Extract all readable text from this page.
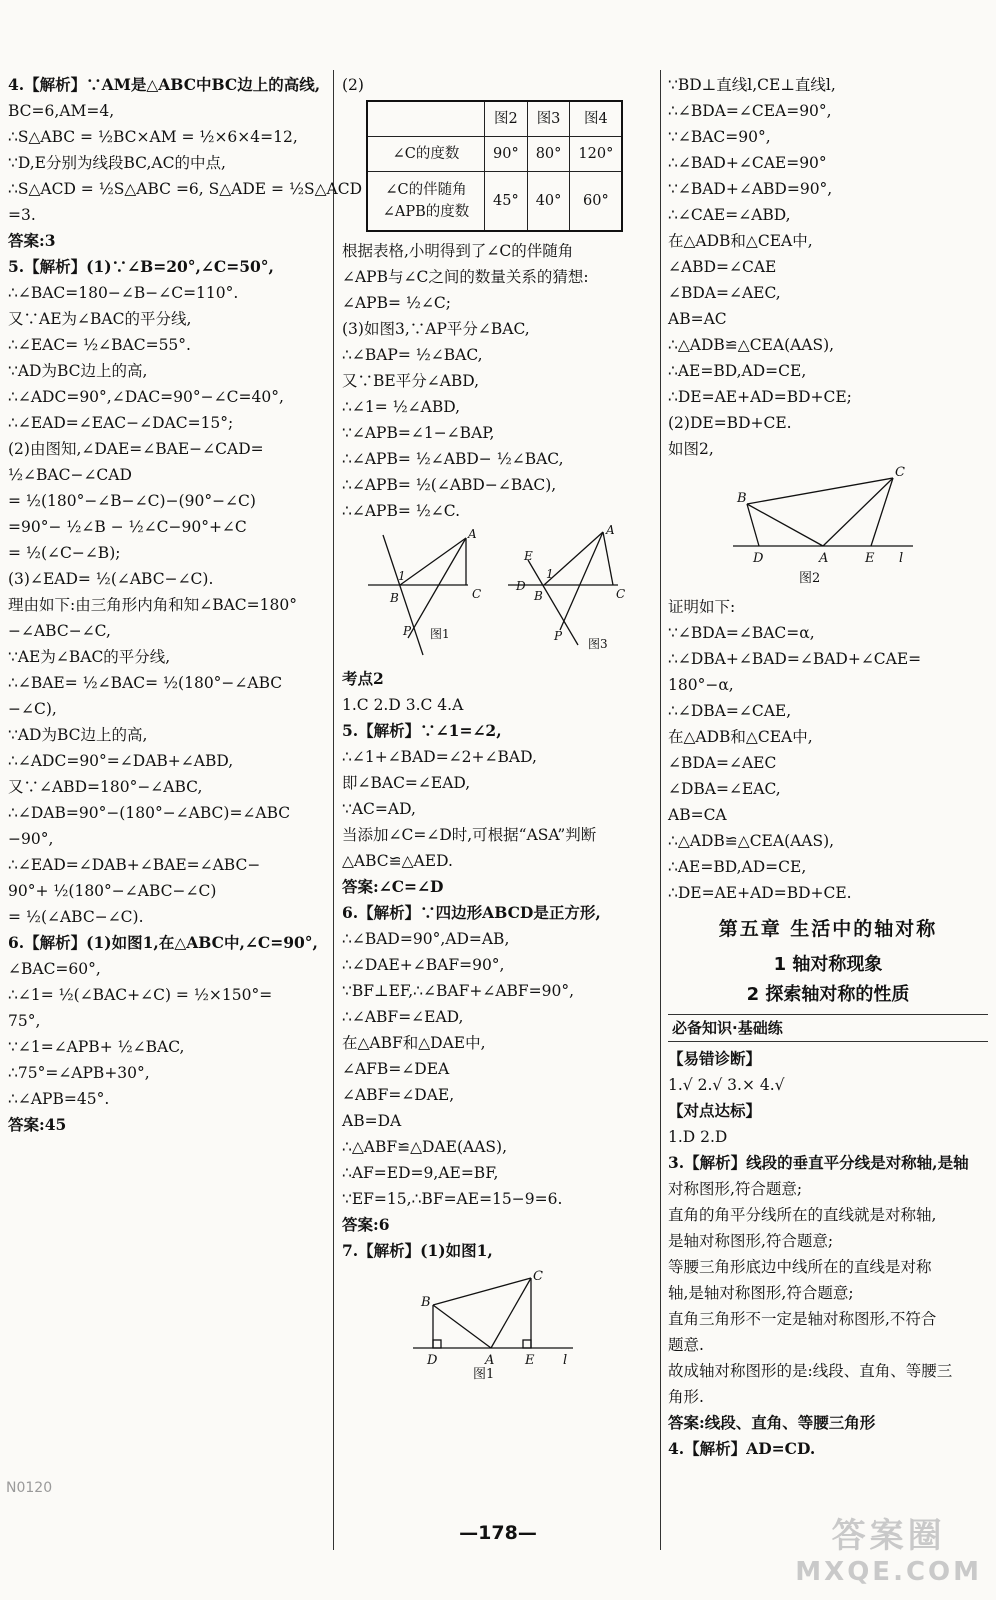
4.【解析】∵AM是△ABC中BC边上的高线,
BC=6,AM=4,
∴S△ABC = ½BC×AM = ½×6×4=12,
∵D,E分别为线段BC,AC的中点,
∴S△ACD = ½S△ABC =6, S△ADE = ½S△ACD
=3.
答案:3
5.【解析】(1)∵∠B=20°,∠C=50°,
∴∠BAC=180−∠B−∠C=110°.
又∵AE为∠BAC的平分线,
∴∠EAC= ½∠BAC=55°.
∵AD为BC边上的高,
∴∠ADC=90°,∠DAC=90°−∠C=40°,
∴∠EAD=∠EAC−∠DAC=15°;
(2)由图知,∠DAE=∠BAE−∠CAD=
½∠BAC−∠CAD
= ½(180°−∠B−∠C)−(90°−∠C)
=90°− ½∠B − ½∠C−90°+∠C
= ½(∠C−∠B);
(3)∠EAD= ½(∠ABC−∠C).
理由如下:由三角形内角和知∠BAC=180°
−∠ABC−∠C,
∵AE为∠BAC的平分线,
∴∠BAE= ½∠BAC= ½(180°−∠ABC
−∠C),
∵AD为BC边上的高,
∴∠ADC=90°=∠DAB+∠ABD,
又∵∠ABD=180°−∠ABC,
∴∠DAB=90°−(180°−∠ABC)=∠ABC
−90°,
∴∠EAD=∠DAB+∠BAE=∠ABC−
90°+ ½(180°−∠ABC−∠C)
= ½(∠ABC−∠C).
6.【解析】(1)如图1,在△ABC中,∠C=90°,
∠BAC=60°,
∴∠1= ½(∠BAC+∠C) = ½×150°=
75°,
∵∠1=∠APB+ ½∠BAC,
∴75°=∠APB+30°,
∴∠APB=45°.
答案:45
(2)
	图2	图3	图4
∠C的度数	90°	80°	120°
∠C的伴随角∠APB的度数	45°	40°	60°
根据表格,小明得到了∠C的伴随角
∠APB与∠C之间的数量关系的猜想:
∠APB= ½∠C;
(3)如图3,∵AP平分∠BAC,
∴∠BAP= ½∠BAC,
又∵BE平分∠ABD,
∴∠1= ½∠ABD,
∵∠APB=∠1−∠BAP,
∴∠APB= ½∠ABD− ½∠BAC,
∴∠APB= ½(∠ABD−∠BAC),
∴∠APB= ½∠C.
A
B	C
1
P
A
B	C
D
E
1
P
图1
图3
考点2
1.C 2.D 3.C 4.A
5.【解析】∵∠1=∠2,
∴∠1+∠BAD=∠2+∠BAD,
即∠BAC=∠EAD,
∵AC=AD,
当添加∠C=∠D时,可根据“ASA”判断
△ABC≌△AED.
答案:∠C=∠D
6.【解析】∵四边形ABCD是正方形,
∴∠BAD=90°,AD=AB,
∴∠DAE+∠BAF=90°,
∵BF⊥EF,∴∠BAF+∠ABF=90°,
∴∠ABF=∠EAD,
在△ABF和△DAE中,
∠AFB=∠DEA
∠ABF=∠DAE,
AB=DA
∴△ABF≌△DAE(AAS),
∴AF=ED=9,AE=BF,
∵EF=15,∴BF=AE=15−9=6.
答案:6
7.【解析】(1)如图1,
B
C
D	A E l
图1
∵BD⊥直线l,CE⊥直线l,
∴∠BDA=∠CEA=90°,
∵∠BAC=90°,
∴∠BAD+∠CAE=90°
∵∠BAD+∠ABD=90°,
∴∠CAE=∠ABD,
在△ADB和△CEA中,
∠ABD=∠CAE
∠BDA=∠AEC,
AB=AC
∴△ADB≌△CEA(AAS),
∴AE=BD,AD=CE,
∴DE=AE+AD=BD+CE;
(2)DE=BD+CE.
如图2,
B
C
D	A	E l
图2
证明如下:
∵∠BDA=∠BAC=α,
∴∠DBA+∠BAD=∠BAD+∠CAE=
180°−α,
∴∠DBA=∠CAE,
在△ADB和△CEA中,
∠BDA=∠AEC
∠DBA=∠EAC,
AB=CA
∴△ADB≌△CEA(AAS),
∴AE=BD,AD=CE,
∴DE=AE+AD=BD+CE.
第五章 生活中的轴对称
1 轴对称现象
2 探索轴对称的性质
必备知识·基础练
【易错诊断】
1.√ 2.√ 3.× 4.√
【对点达标】
1.D 2.D
3.【解析】线段的垂直平分线是对称轴,是轴
对称图形,符合题意;
直角的角平分线所在的直线就是对称轴,
是轴对称图形,符合题意;
等腰三角形底边中线所在的直线是对称
轴,是轴对称图形,符合题意;
直角三角形不一定是轴对称图形,不符合
题意.
故成轴对称图形的是:线段、直角、等腰三
角形.
答案:线段、直角、等腰三角形
4.【解析】AD=CD.
N0120
—178—	答案圈
MXQE.COM
